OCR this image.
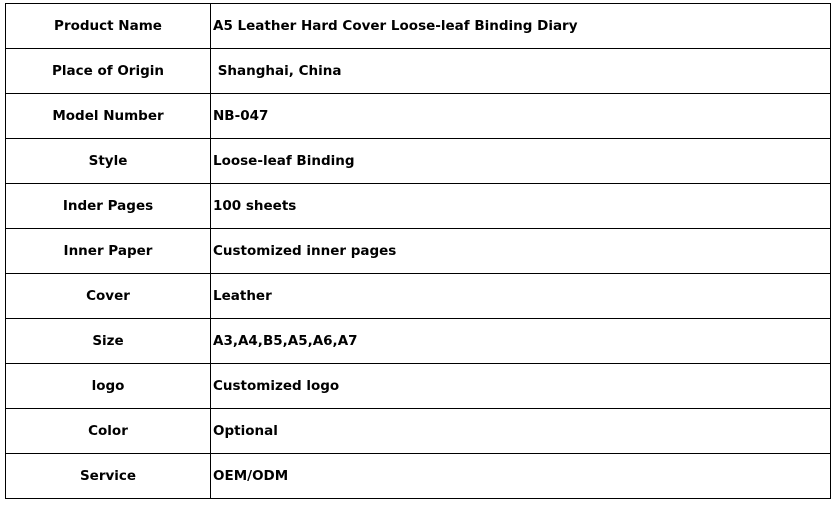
Product Name	A5 Leather Hard Cover Loose-leaf Binding Diary
Place of Origin	Shanghai, China
Model Number	NB-047
Style	Loose-leaf Binding
Inder Pages	100 sheets
Inner Paper	Customized inner pages
Cover	Leather
Size	A3,A4,B5,A5,A6,A7
logo	Customized logo
Color	Optional
Service	OEM/ODM
